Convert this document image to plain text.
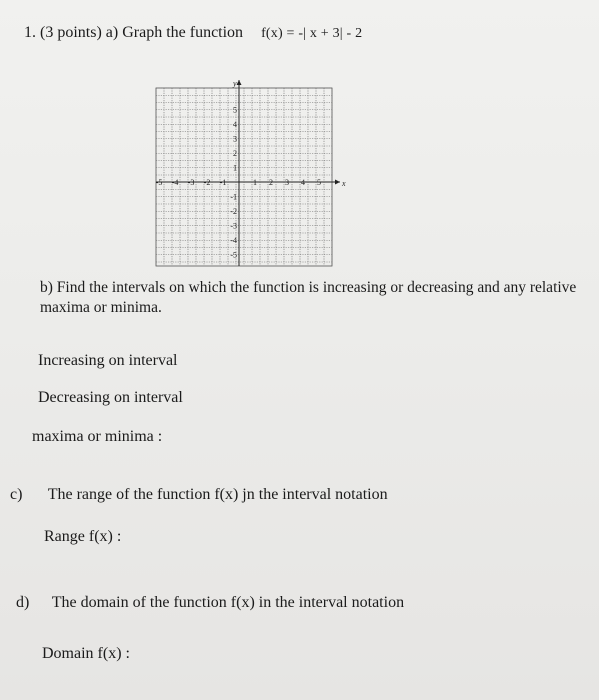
1. (3 points) a) Graph the function f(x) = -| x + 3| - 2
x
y
-5 -4 -3 -2 -1	1 2 3 4 5
5
4
3
2
1
-1
-2
-3
-4
-5
b) Find the intervals on which the function is increasing or decreasing and any relative maxima or minima.
Increasing on interval
Decreasing on interval
maxima or minima :
c) The range of the function f(x) jn the interval notation
Range f(x) :
d) The domain of the function f(x) in the interval notation
Domain f(x) :
